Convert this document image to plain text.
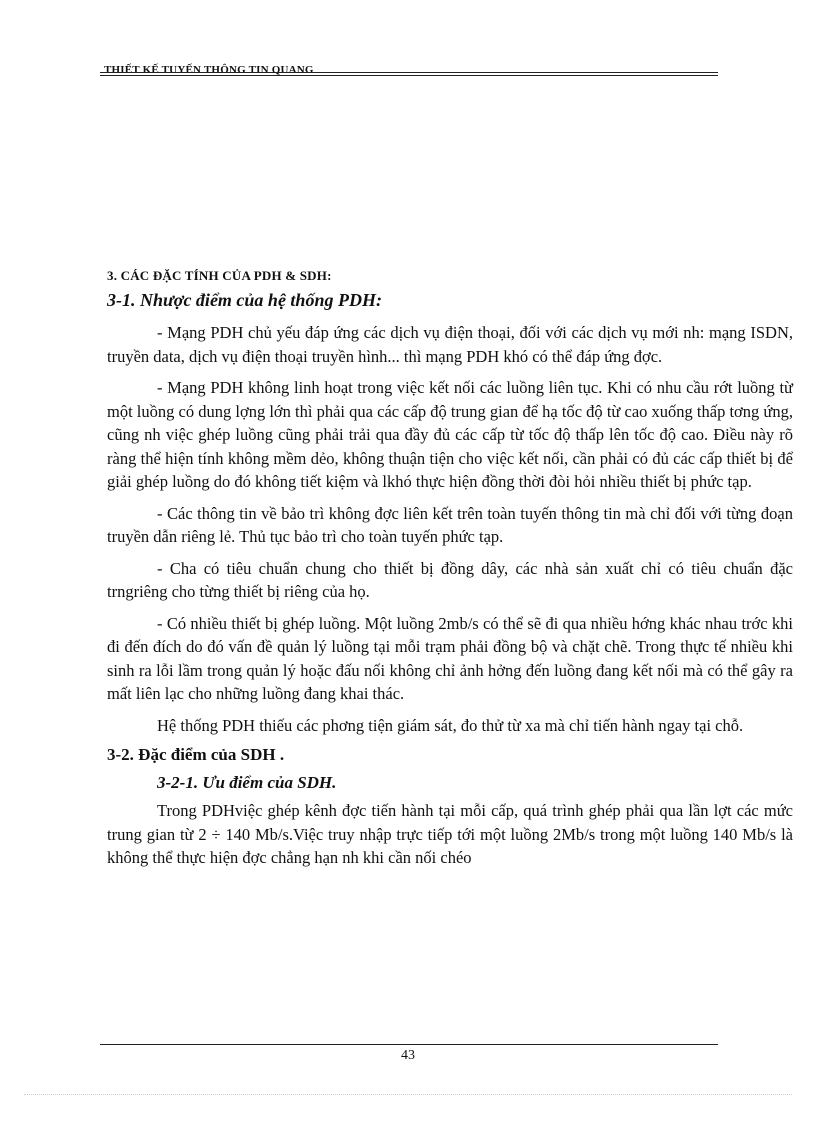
THIẾT KẾ TUYẾN THÔNG TIN QUANG
3. CÁC ĐẶC TÍNH CỦA PDH & SDH:
3-1. Nhược điểm của hệ thống PDH:

- Mạng PDH chủ yếu đáp ứng các dịch vụ điện thoại, đối với các dịch vụ mới nh: mạng ISDN, truyền data, dịch vụ điện thoại truyền hình... thì mạng PDH khó có thể đáp ứng đợc.

- Mạng PDH không linh hoạt trong việc kết nối các luồng liên tục. Khi có nhu cầu rớt luồng từ một luồng có dung lợng lớn thì phải qua các cấp độ trung gian để hạ tốc độ từ cao xuống thấp tơng ứng, cũng nh việc ghép luồng cũng phải trải qua đầy đủ các cấp từ tốc độ thấp lên tốc độ cao. Điều này rõ ràng thể hiện tính không mềm dẻo, không thuận tiện cho việc kết nối, cần phải có đủ các cấp thiết bị để giải ghép luồng do đó không tiết kiệm và lkhó thực hiện đồng thời đòi hỏi nhiều thiết bị phức tạp.

- Các thông tin về bảo trì không đợc liên kết trên toàn tuyến thông tin mà chỉ đối với từng đoạn truyền dẫn riêng lẻ. Thủ tục bảo trì cho toàn tuyến phức tạp.

- Cha có tiêu chuẩn chung cho thiết bị đồng dây, các nhà sản xuất chỉ có tiêu chuẩn đặc trngriêng cho từng thiết bị riêng của họ.

- Có nhiều thiết bị ghép luồng. Một luồng 2mb/s có thể sẽ đi qua nhiều hớng khác nhau trớc khi đi đến đích do đó vấn đề quản lý luồng tại mỗi trạm phải đồng bộ và chặt chẽ. Trong thực tế nhiều khi sinh ra lỗi lầm trong quản lý hoặc đấu nối không chỉ ảnh hởng đến luồng đang kết nối mà có thể gây ra mất liên lạc cho những luồng đang khai thác.

Hệ thống PDH thiếu các phơng tiện giám sát, đo thử từ xa mà chỉ tiến hành ngay tại chỗ.

3-2. Đặc điểm của SDH .
3-2-1. Ưu điểm của SDH.

Trong PDHviệc ghép kênh đợc tiến hành tại mỗi cấp, quá trình ghép phải qua lần lợt các mức trung gian từ 2 ÷ 140 Mb/s.Việc truy nhập trực tiếp tới một luồng 2Mb/s trong một luồng 140 Mb/s là không thể thực hiện đợc chẳng hạn nh khi cần nối chéo

43
